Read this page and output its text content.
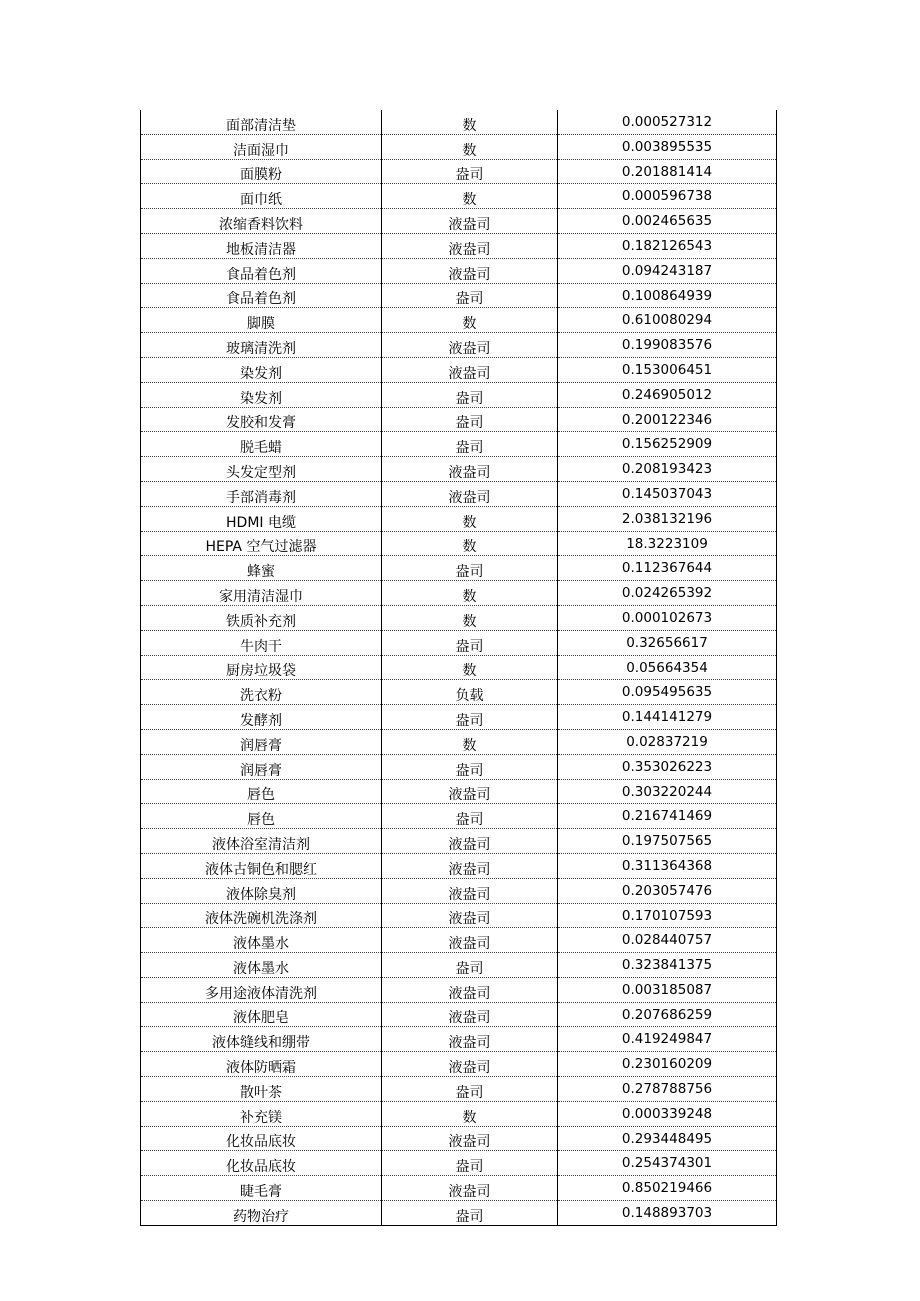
面部清洁垫	数	0.000527312
洁面湿巾	数	0.003895535
面膜粉	盎司	0.201881414
面巾纸	数	0.000596738
浓缩香料饮料	液盎司	0.002465635
地板清洁器	液盎司	0.182126543
食品着色剂	液盎司	0.094243187
食品着色剂	盎司	0.100864939
脚膜	数	0.610080294
玻璃清洗剂	液盎司	0.199083576
染发剂	液盎司	0.153006451
染发剂	盎司	0.246905012
发胶和发膏	盎司	0.200122346
脱毛蜡	盎司	0.156252909
头发定型剂	液盎司	0.208193423
手部消毒剂	液盎司	0.145037043
HDMI 电缆	数	2.038132196
HEPA 空气过滤器	数	18.3223109
蜂蜜	盎司	0.112367644
家用清洁湿巾	数	0.024265392
铁质补充剂	数	0.000102673
牛肉干	盎司	0.32656617
厨房垃圾袋	数	0.05664354
洗衣粉	负载	0.095495635
发酵剂	盎司	0.144141279
润唇膏	数	0.02837219
润唇膏	盎司	0.353026223
唇色	液盎司	0.303220244
唇色	盎司	0.216741469
液体浴室清洁剂	液盎司	0.197507565
液体古铜色和腮红	液盎司	0.311364368
液体除臭剂	液盎司	0.203057476
液体洗碗机洗涤剂	液盎司	0.170107593
液体墨水	液盎司	0.028440757
液体墨水	盎司	0.323841375
多用途液体清洗剂	液盎司	0.003185087
液体肥皂	液盎司	0.207686259
液体缝线和绷带	液盎司	0.419249847
液体防晒霜	液盎司	0.230160209
散叶茶	盎司	0.278788756
补充镁	数	0.000339248
化妆品底妆	液盎司	0.293448495
化妆品底妆	盎司	0.254374301
睫毛膏	液盎司	0.850219466
药物治疗	盎司	0.148893703
